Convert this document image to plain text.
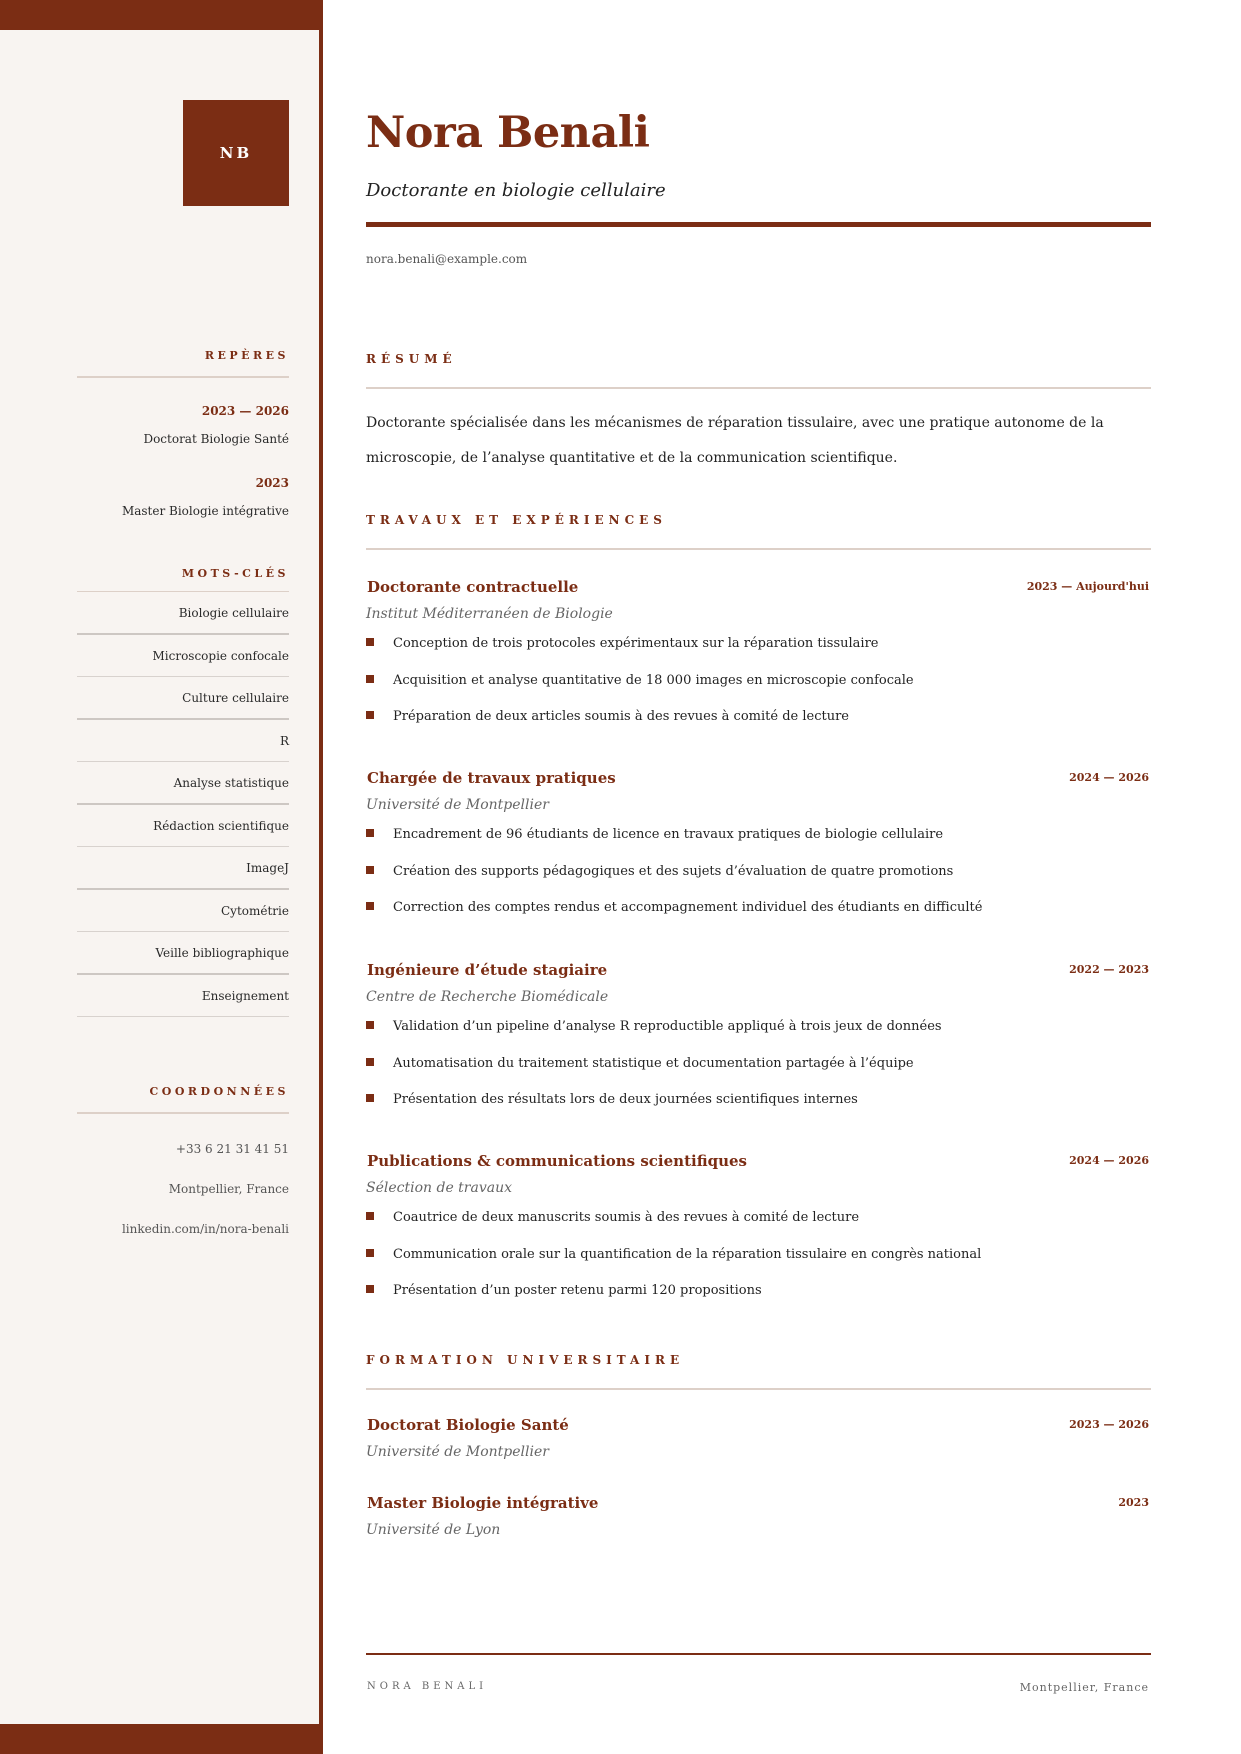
NB
REPÈRES
2023 — 2026
Doctorat Biologie Santé
2023
Master Biologie intégrative
MOTS-CLÉS
Biologie cellulaire
Microscopie confocale
Culture cellulaire
R
Analyse statistique
Rédaction scientifique
ImageJ
Cytométrie
Veille bibliographique
Enseignement
COORDONNÉES
+33 6 21 31 41 51
Montpellier, France
linkedin.com/in/nora-benali
Nora Benali
Doctorante en biologie cellulaire
nora.benali@example.com
RÉSUMÉ
Doctorante spécialisée dans les mécanismes de réparation tissulaire, avec une pratique autonome de la microscopie, de l’analyse quantitative et de la communication scientifique.
TRAVAUX ET EXPÉRIENCES
Doctorante contractuelle	2023 — Aujourd'hui
Institut Méditerranéen de Biologie
Conception de trois protocoles expérimentaux sur la réparation tissulaire
Acquisition et analyse quantitative de 18 000 images en microscopie confocale
Préparation de deux articles soumis à des revues à comité de lecture
Chargée de travaux pratiques	2024 — 2026
Université de Montpellier
Encadrement de 96 étudiants de licence en travaux pratiques de biologie cellulaire
Création des supports pédagogiques et des sujets d’évaluation de quatre promotions
Correction des comptes rendus et accompagnement individuel des étudiants en difficulté
Ingénieure d’étude stagiaire	2022 — 2023
Centre de Recherche Biomédicale
Validation d’un pipeline d’analyse R reproductible appliqué à trois jeux de données
Automatisation du traitement statistique et documentation partagée à l’équipe
Présentation des résultats lors de deux journées scientifiques internes
Publications & communications scientifiques	2024 — 2026
Sélection de travaux
Coautrice de deux manuscrits soumis à des revues à comité de lecture
Communication orale sur la quantification de la réparation tissulaire en congrès national
Présentation d’un poster retenu parmi 120 propositions
FORMATION UNIVERSITAIRE
Doctorat Biologie Santé	2023 — 2026
Université de Montpellier
Master Biologie intégrative	2023
Université de Lyon
NORA BENALI	Montpellier, France
